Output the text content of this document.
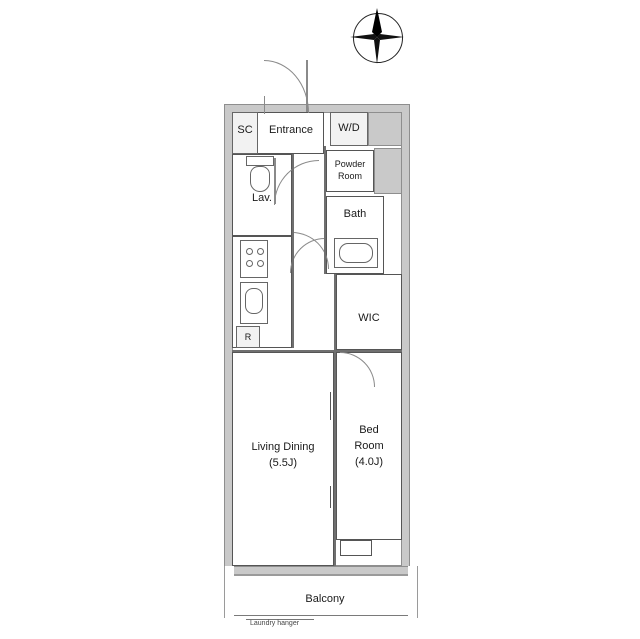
SC	Entrance	W/D
Powder
Room
Lav.
Bath
R
WIC
Living Dining
(5.5J)
Bed
Room
(4.0J)
Balcony
Laundry hanger
